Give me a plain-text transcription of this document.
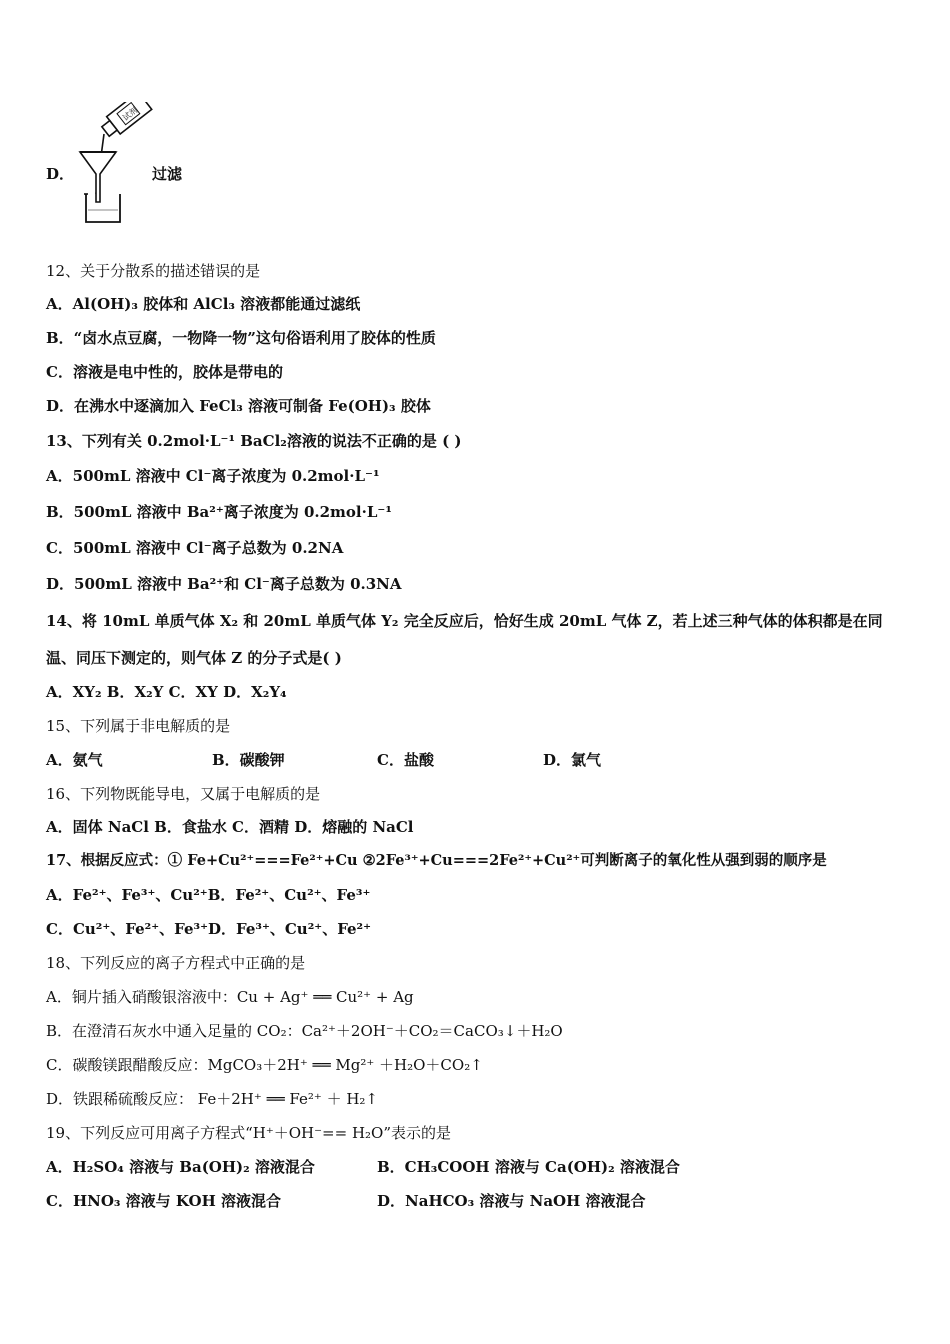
D．
试剂
过滤
12、关于分散系的描述错误的是
A．Al(OH)₃ 胶体和 AlCl₃ 溶液都能通过滤纸
B．“卤水点豆腐，一物降一物”这句俗语利用了胶体的性质
C．溶液是电中性的，胶体是带电的
D．在沸水中逐滴加入 FeCl₃ 溶液可制备 Fe(OH)₃ 胶体
13、下列有关 0.2mol·L⁻¹ BaCl₂溶液的说法不正确的是 ( )
A．500mL 溶液中 Cl⁻离子浓度为 0.2mol·L⁻¹
B．500mL 溶液中 Ba²⁺离子浓度为 0.2mol·L⁻¹
C．500mL 溶液中 Cl⁻离子总数为 0.2NA
D．500mL 溶液中 Ba²⁺和 Cl⁻离子总数为 0.3NA
14、将 10mL 单质气体 X₂ 和 20mL 单质气体 Y₂ 完全反应后，恰好生成 20mL 气体 Z，若上述三种气体的体积都是在同
温、同压下测定的，则气体 Z 的分子式是( )
A．XY₂ B．X₂Y C．XY D．X₂Y₄
15、下列属于非电解质的是
A．氨气	B．碳酸钾	C．盐酸	D．氯气
16、下列物既能导电，又属于电解质的是
A．固体 NaCl B．食盐水 C．酒精 D．熔融的 NaCl
17、根据反应式：① Fe+Cu²⁺===Fe²⁺+Cu ②2Fe³⁺+Cu===2Fe²⁺+Cu²⁺可判断离子的氧化性从强到弱的顺序是
A．Fe²⁺、Fe³⁺、Cu²⁺B．Fe²⁺、Cu²⁺、Fe³⁺
C．Cu²⁺、Fe²⁺、Fe³⁺D．Fe³⁺、Cu²⁺、Fe²⁺
18、下列反应的离子方程式中正确的是
A．铜片插入硝酸银溶液中：Cu + Ag⁺ ══ Cu²⁺ + Ag
B．在澄清石灰水中通入足量的 CO₂：Ca²⁺＋2OH⁻＋CO₂＝CaCO₃↓＋H₂O
C．碳酸镁跟醋酸反应：MgCO₃＋2H⁺ ══ Mg²⁺ ＋H₂O＋CO₂↑
D．铁跟稀硫酸反应： Fe＋2H⁺ ══ Fe²⁺ ＋ H₂↑
19、下列反应可用离子方程式“H⁺＋OH⁻== H₂O”表示的是
A．H₂SO₄ 溶液与 Ba(OH)₂ 溶液混合	B．CH₃COOH 溶液与 Ca(OH)₂ 溶液混合
C．HNO₃ 溶液与 KOH 溶液混合	D．NaHCO₃ 溶液与 NaOH 溶液混合
